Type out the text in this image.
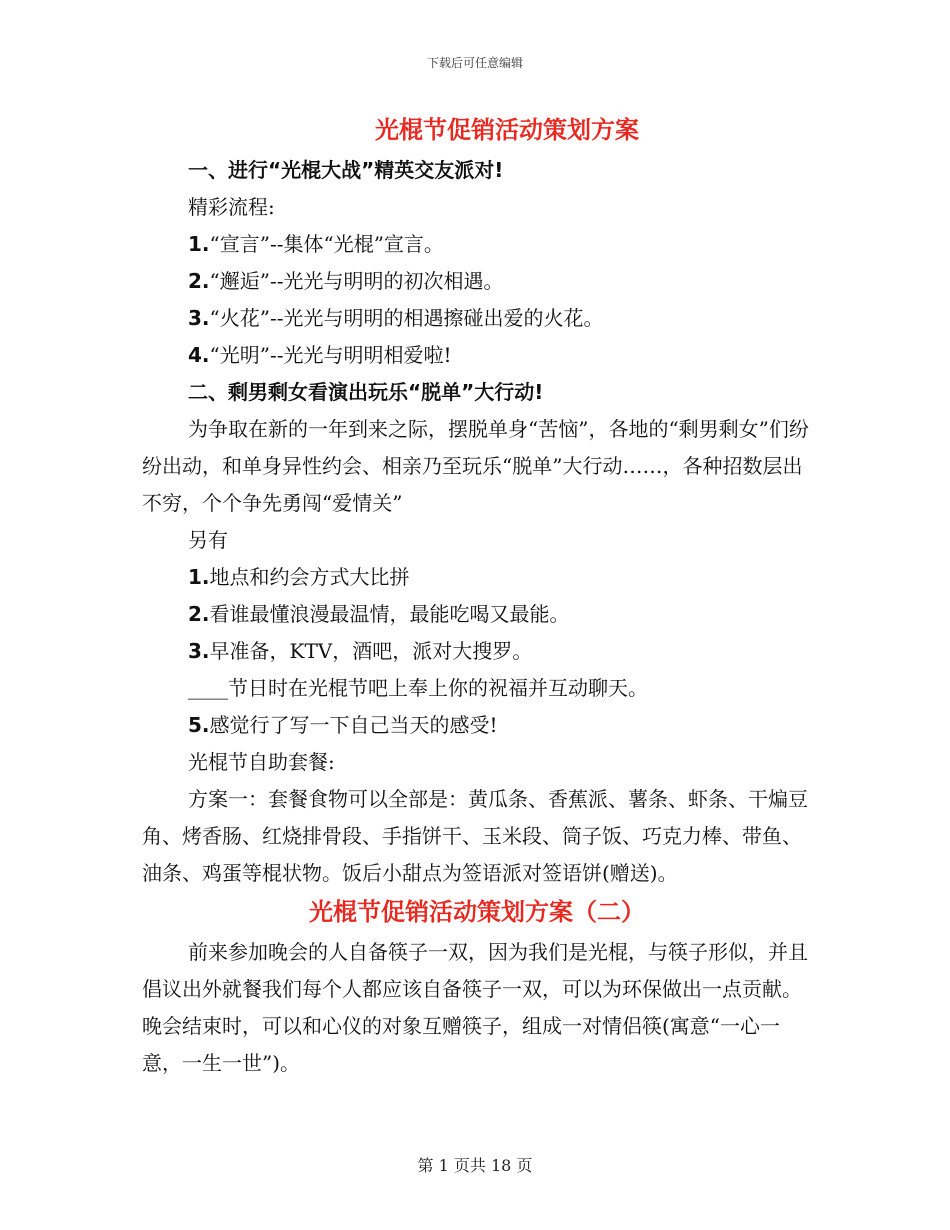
下载后可任意编辑
光棍节促销活动策划方案
一、进行“光棍大战”精英交友派对!
精彩流程:
1.“宣言”--集体“光棍”宣言。
2.“邂逅”--光光与明明的初次相遇。
3.“火花”--光光与明明的相遇擦碰出爱的火花。
4.“光明”--光光与明明相爱啦!
二、剩男剩女看演出玩乐“脱单”大行动!
为争取在新的一年到来之际，摆脱单身“苦恼”，各地的“剩男剩女”们纷纷出动，和单身异性约会、相亲乃至玩乐“脱单”大行动……，各种招数层出不穷，个个争先勇闯“爱情关”
另有
1.地点和约会方式大比拼
2.看谁最懂浪漫最温情，最能吃喝又最能。
3.早准备，KTV，酒吧，派对大搜罗。
____节日时在光棍节吧上奉上你的祝福并互动聊天。
5.感觉行了写一下自己当天的感受!
光棍节自助套餐:
方案一：套餐食物可以全部是：黄瓜条、香蕉派、薯条、虾条、干煸豆角、烤香肠、红烧排骨段、手指饼干、玉米段、筒子饭、巧克力棒、带鱼、油条、鸡蛋等棍状物。饭后小甜点为签语派对签语饼(赠送)。
光棍节促销活动策划方案（二）
前来参加晚会的人自备筷子一双，因为我们是光棍，与筷子形似，并且倡议出外就餐我们每个人都应该自备筷子一双，可以为环保做出一点贡献。晚会结束时，可以和心仪的对象互赠筷子，组成一对情侣筷(寓意“一心一意，一生一世”)。
第 1 页共 18 页
